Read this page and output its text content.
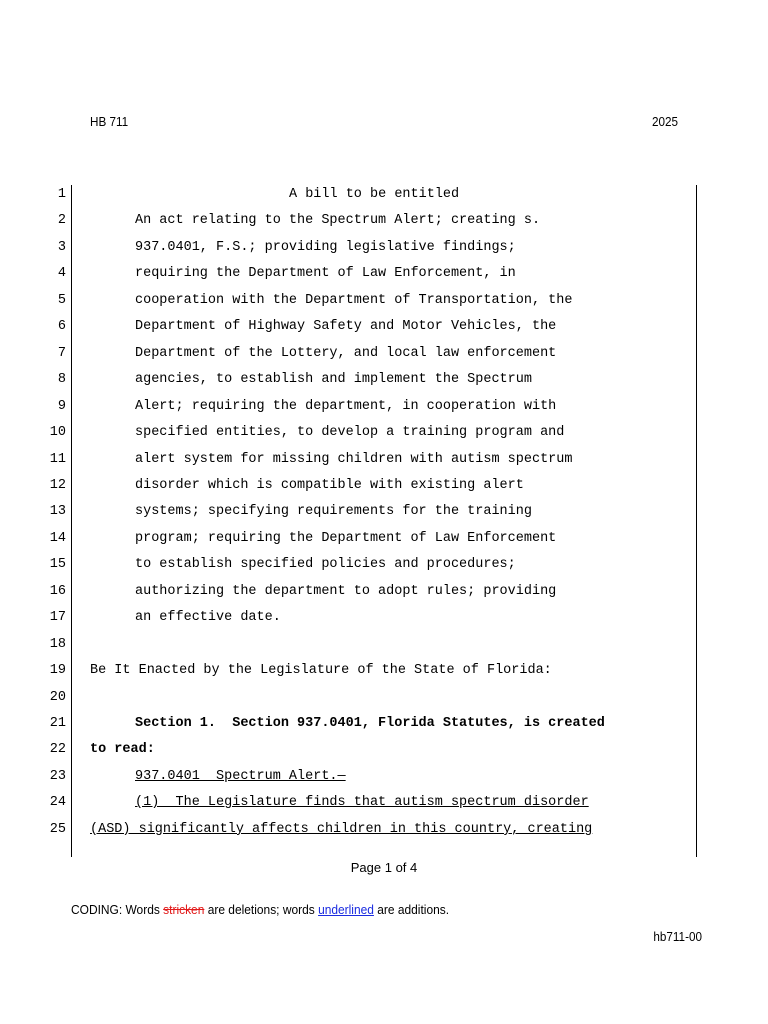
HB 711	2025
1	A bill to be entitled
2	An act relating to the Spectrum Alert; creating s.
3	937.0401, F.S.; providing legislative findings;
4	requiring the Department of Law Enforcement, in
5	cooperation with the Department of Transportation, the
6	Department of Highway Safety and Motor Vehicles, the
7	Department of the Lottery, and local law enforcement
8	agencies, to establish and implement the Spectrum
9	Alert; requiring the department, in cooperation with
10	specified entities, to develop a training program and
11	alert system for missing children with autism spectrum
12	disorder which is compatible with existing alert
13	systems; specifying requirements for the training
14	program; requiring the Department of Law Enforcement
15	to establish specified policies and procedures;
16	authorizing the department to adopt rules; providing
17	an effective date.
18
19 Be It Enacted by the Legislature of the State of Florida:
20
21	Section 1.  Section 937.0401, Florida Statutes, is created
22 to read:
23	937.0401  Spectrum Alert.—
24	(1)  The Legislature finds that autism spectrum disorder
25 (ASD) significantly affects children in this country, creating
Page 1 of 4
CODING: Words stricken are deletions; words underlined are additions.
hb711-00
